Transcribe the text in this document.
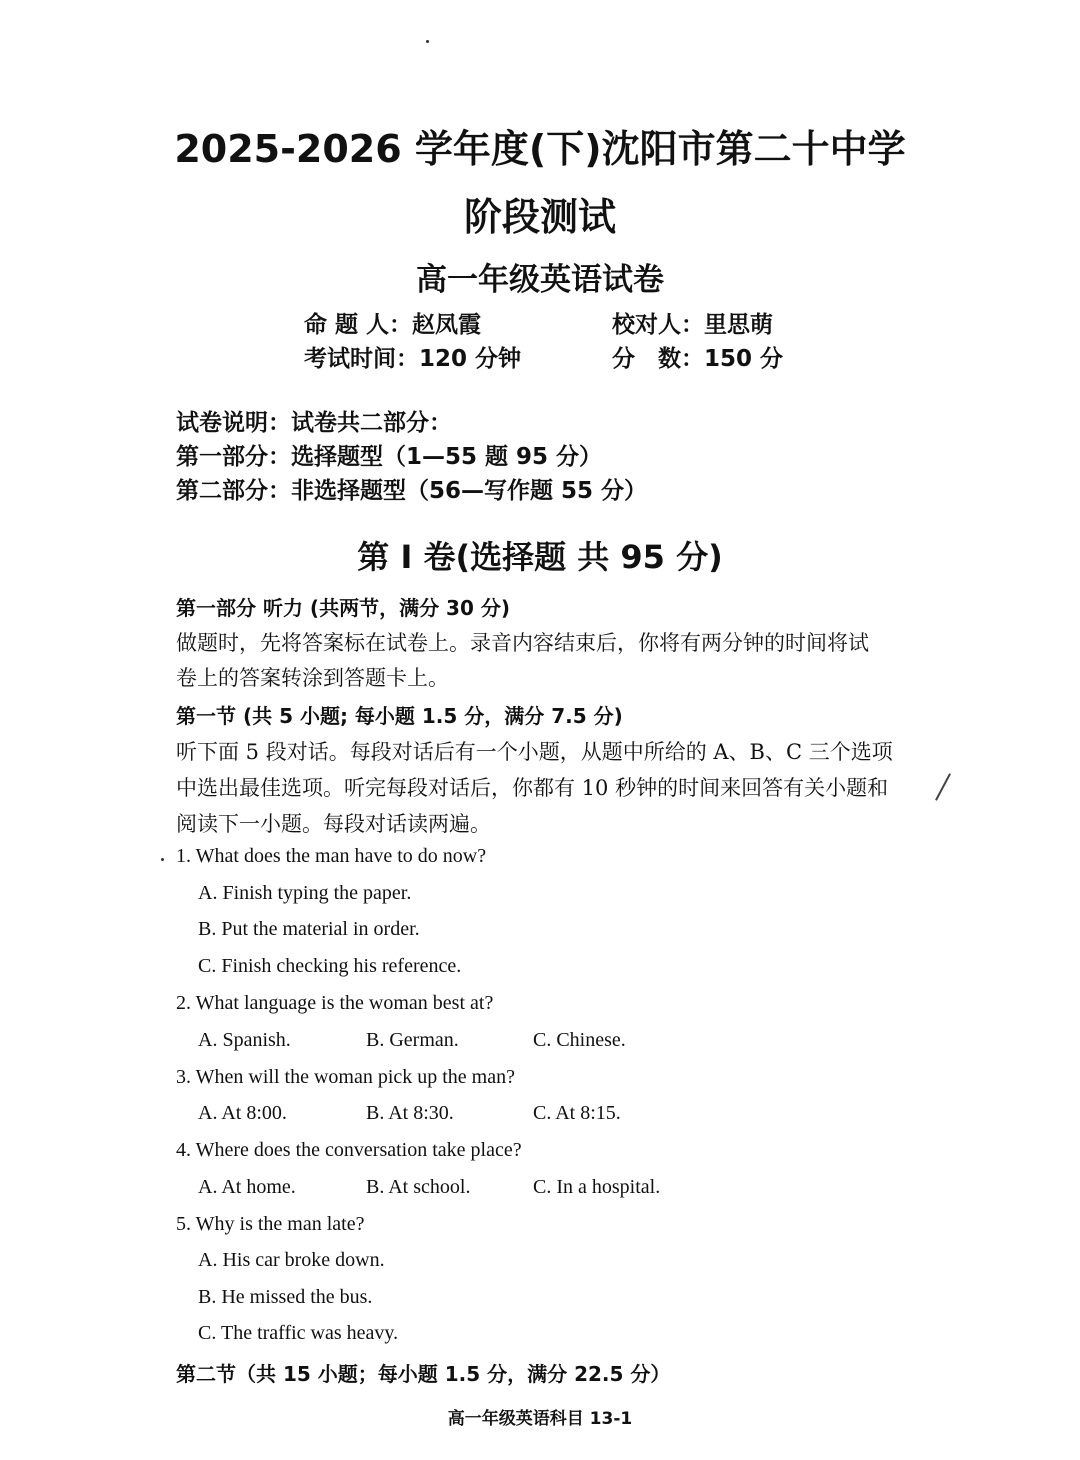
2025-2026 学年度(下)沈阳市第二十中学
阶段测试
高一年级英语试卷
命 题 人：赵凤霞	校对人：里思萌
考试时间：120 分钟	分　数：150 分
试卷说明：试卷共二部分：
第一部分：选择题型（1—55 题 95 分）
第二部分：非选择题型（56—写作题 55 分）
第 I 卷(选择题 共 95 分)
第一部分 听力 (共两节，满分 30 分)
做题时，先将答案标在试卷上。录音内容结束后，你将有两分钟的时间将试
卷上的答案转涂到答题卡上。
第一节 (共 5 小题; 每小题 1.5 分，满分 7.5 分)
听下面 5 段对话。每段对话后有一个小题，从题中所给的 A、B、C 三个选项
中选出最佳选项。听完每段对话后，你都有 10 秒钟的时间来回答有关小题和
阅读下一小题。每段对话读两遍。
1. What does the man have to do now?
A. Finish typing the paper.
B. Put the material in order.
C. Finish checking his reference.
2. What language is the woman best at?
A. Spanish.	B. German.	C. Chinese.
3. When will the woman pick up the man?
A. At 8:00.	B. At 8:30.	C. At 8:15.
4. Where does the conversation take place?
A. At home.	B. At school.	C. In a hospital.
5. Why is the man late?
A. His car broke down.
B. He missed the bus.
C. The traffic was heavy.
第二节（共 15 小题；每小题 1.5 分，满分 22.5 分）
高一年级英语科目 13-1
